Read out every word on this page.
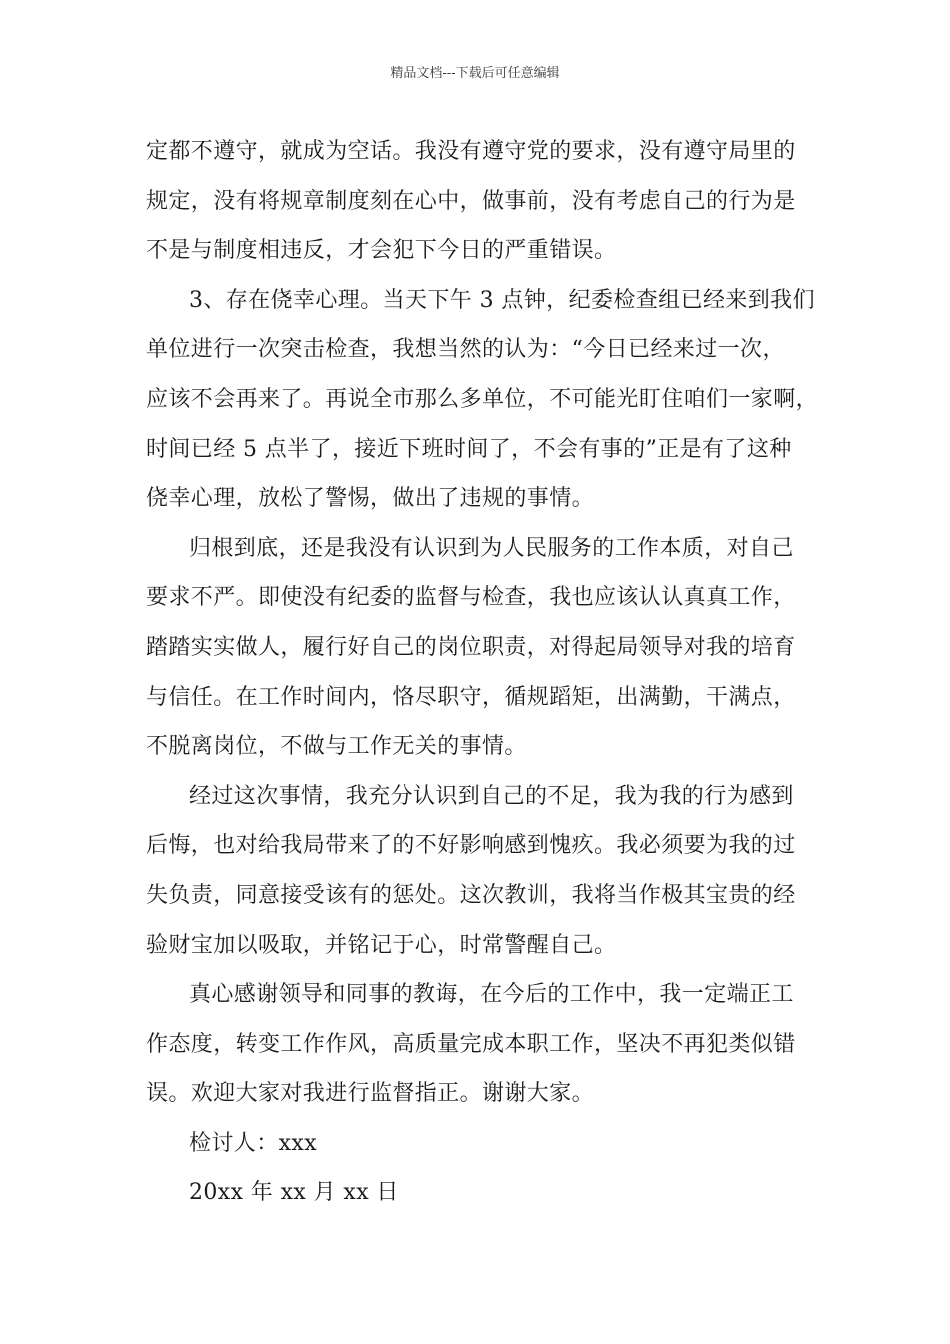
精品文档---下载后可任意编辑
定都不遵守，就成为空话。我没有遵守党的要求，没有遵守局里的
规定，没有将规章制度刻在心中，做事前，没有考虑自己的行为是
不是与制度相违反，才会犯下今日的严重错误。
3、存在侥幸心理。当天下午 3 点钟，纪委检查组已经来到我们
单位进行一次突击检查，我想当然的认为：“今日已经来过一次，
应该不会再来了。再说全市那么多单位，不可能光盯住咱们一家啊，
时间已经 5 点半了，接近下班时间了，不会有事的”正是有了这种
侥幸心理，放松了警惕，做出了违规的事情。
归根到底，还是我没有认识到为人民服务的工作本质，对自己
要求不严。即使没有纪委的监督与检查，我也应该认认真真工作，
踏踏实实做人，履行好自己的岗位职责，对得起局领导对我的培育
与信任。在工作时间内，恪尽职守，循规蹈矩，出满勤，干满点，
不脱离岗位，不做与工作无关的事情。
经过这次事情，我充分认识到自己的不足，我为我的行为感到
后悔，也对给我局带来了的不好影响感到愧疚。我必须要为我的过
失负责，同意接受该有的惩处。这次教训，我将当作极其宝贵的经
验财宝加以吸取，并铭记于心，时常警醒自己。
真心感谢领导和同事的教诲，在今后的工作中，我一定端正工
作态度，转变工作作风，高质量完成本职工作，坚决不再犯类似错
误。欢迎大家对我进行监督指正。谢谢大家。
检讨人：xxx
20xx 年 xx 月 xx 日
